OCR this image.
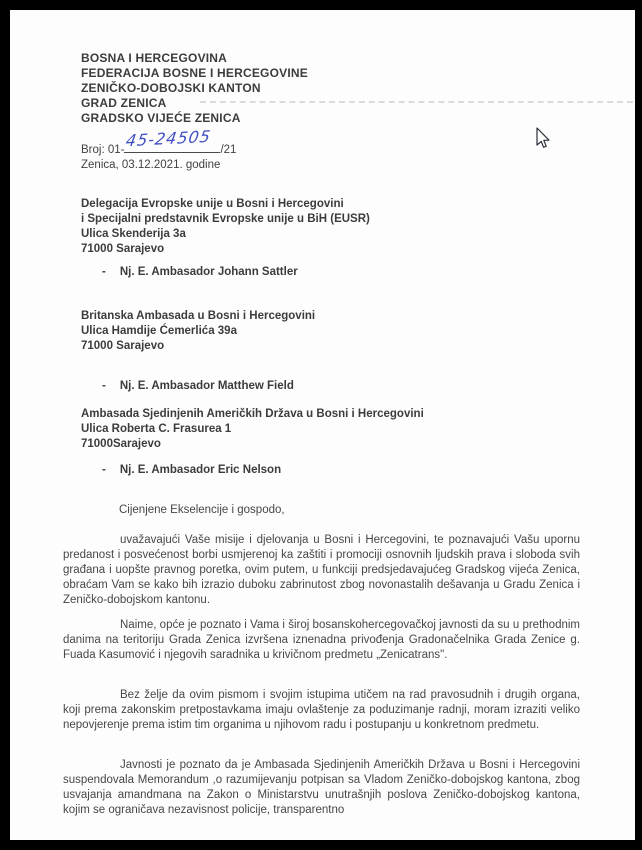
BOSNA I HERCEGOVINA
FEDERACIJA BOSNE I HERCEGOVINE
ZENIČKO-DOBOJSKI KANTON
GRAD ZENICA
GRADSKO VIJEĆE ZENICA
Broj: 01- 45-24505 /21
Zenica, 03.12.2021. godine
Delegacija Evropske unije u Bosni i Hercegovini
i Specijalni predstavnik Evropske unije u BiH (EUSR)
Ulica Skenderija 3a
71000 Sarajevo
- Nj. E. Ambasador Johann Sattler
Britanska Ambasada u Bosni i Hercegovini
Ulica Hamdije Ćemerlića 39a
71000 Sarajevo
- Nj. E. Ambasador Matthew Field
Ambasada Sjedinjenih Američkih Država u Bosni i Hercegovini
Ulica Roberta C. Frasurea 1
71000Sarajevo
- Nj. E. Ambasador Eric Nelson
Cijenjene Ekselencije i gospodo,
uvažavajući Vaše misije i djelovanja u Bosni i Hercegovini, te poznavajući Vašu upornu predanost i posvećenost borbi usmjerenoj ka zaštiti i promociji osnovnih ljudskih prava i sloboda svih građana i uopšte pravnog poretka, ovim putem, u funkciji predsjedavajućeg Gradskog vijeća Zenica, obraćam Vam se kako bih izrazio duboku zabrinutost zbog novonastalih dešavanja u Gradu Zenica i Zeničko-dobojskom kantonu.
Naime, opće je poznato i Vama i široj bosanskohercegovačkoj javnosti da su u prethodnim danima na teritoriju Grada Zenica izvršena iznenadna privođenja Gradonačelnika Grada Zenice g. Fuada Kasumović i njegovih saradnika u krivičnom predmetu „Zenicatrans".
Bez želje da ovim pismom i svojim istupima utičem na rad pravosudnih i drugih organa, koji prema zakonskim pretpostavkama imaju ovlaštenje za poduzimanje radnji, moram izraziti veliko nepovjerenje prema istim tim organima u njihovom radu i postupanju u konkretnom predmetu.
Javnosti je poznato da je Ambasada Sjedinjenih Američkih Država u Bosni i Hercegovini suspendovala Memorandum ,o razumijevanju potpisan sa Vladom Zeničko-dobojskog kantona, zbog usvajanja amandmana na Zakon o Ministarstvu unutrašnjih poslova Zeničko-dobojskog kantona, kojim se ograničava nezavisnost policije, transparentno
